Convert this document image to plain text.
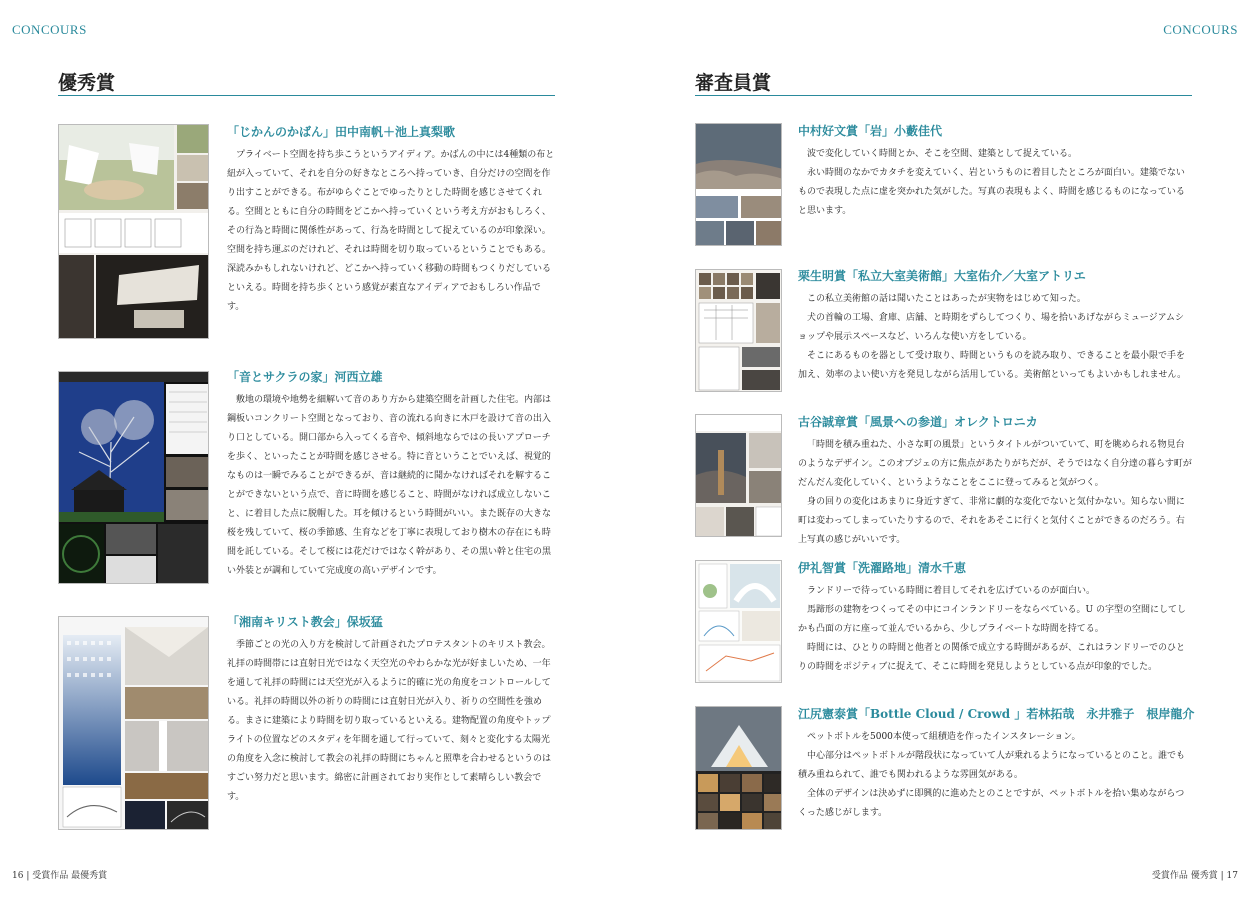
CONCOURS	CONCOURS
優秀賞	審査員賞
「じかんのかばん」田中南帆＋池上真梨歌

プライベート空間を持ち歩こうというアイディア。かばんの中には4種類の布と紐が入っていて、それを自分の好きなところへ持っていき、自分だけの空間を作り出すことができる。布がゆらぐことでゆったりとした時間を感じさせてくれる。空間とともに自分の時間をどこかへ持っていくという考え方がおもしろく、その行為と時間に関係性があって、行為を時間として捉えているのが印象深い。空間を持ち運ぶのだけれど、それは時間を切り取っているということでもある。深読みかもしれないけれど、どこかへ持っていく移動の時間もつくりだしているといえる。時間を持ち歩くという感覚が素直なアイディアでおもしろい作品です。

「音とサクラの家」河西立雄

敷地の環境や地勢を細解いて音のあり方から建築空間を計画した住宅。内部は鋼板いコンクリート空間となっており、音の流れる向きに木戸を設けて音の出入り口としている。開口部から入ってくる音や、傾斜地ならではの長いアプローチを歩く、といったことが時間を感じさせる。特に音ということでいえば、視覚的なものは一瞬でみることができるが、音は継続的に聞かなければそれを解することができないという点で、音に時間を感じること、時間がなければ成立しないこと、に着目した点に脱帽した。耳を傾けるという時間がいい。また既存の大きな桜を残していて、桜の季節感、生育などを丁寧に表現しており樹木の存在にも時間を託している。そして桜には花だけではなく幹があり、その黒い幹と住宅の黒い外装とが調和していて完成度の高いデザインです。

「湘南キリスト教会」保坂猛

季節ごとの光の入り方を検討して計画されたプロテスタントのキリスト教会。礼拝の時間帯には直射日光ではなく天空光のやわらかな光が好ましいため、一年を通して礼拝の時間には天空光が入るように的確に光の角度をコントロールしている。礼拝の時間以外の祈りの時間には直射日光が入り、祈りの空間性を強める。まさに建築により時間を切り取っているといえる。建物配置の角度やトップライトの位置などのスタディを年間を通して行っていて、刻々と変化する太陽光の角度を入念に検討して教会の礼拝の時間にちゃんと照準を合わせるというのはすごい努力だと思います。綿密に計画されており実作として素晴らしい教会です。

中村好文賞「岩」小藪佳代

波で変化していく時間とか、そこを空間、建築として捉えている。

永い時間のなかでカタチを変えていく、岩というものに着目したところが面白い。建築でないもので表現した点に虚を突かれた気がした。写真の表現もよく、時間を感じるものになっていると思います。

栗生明賞「私立大室美術館」大室佑介／大室アトリエ

この私立美術館の話は聞いたことはあったが実物をはじめて知った。

犬の首輪の工場、倉庫、店舗、と時期をずらしてつくり、場を拾いあげながらミュージアムショップや展示スペースなど、いろんな使い方をしている。

そこにあるものを器として受け取り、時間というものを読み取り、できることを最小限で手を加え、効率のよい使い方を発見しながら活用している。美術館といってもよいかもしれません。

古谷誠章賞「風景への参道」オレクトロニカ

「時間を積み重ねた、小さな町の風景」というタイトルがついていて、町を眺められる物見台のようなデザイン。このオブジェの方に焦点があたりがちだが、そうではなく自分達の暮らす町がだんだん変化していく、というようなことをここに登ってみると気がつく。

身の回りの変化はあまりに身近すぎて、非常に劇的な変化でないと気付かない。知らない間に町は変わってしまっていたりするので、それをあそこに行くと気付くことができるのだろう。右上写真の感じがいいです。

伊礼智賞「洗濯路地」清水千恵

ランドリーで待っている時間に着目してそれを広げているのが面白い。

馬蹄形の建物をつくってその中にコインランドリーをならべている。U の字型の空間にしてしかも凸面の方に座って並んでいるから、少しプライベートな時間を持てる。

時間には、ひとりの時間と他者との関係で成立する時間があるが、これはランドリーでのひとりの時間をポジティブに捉えて、そこに時間を発見しようとしている点が印象的でした。

江尻憲泰賞「Bottle Cloud / Crowd 」若林拓哉　永井雅子　根岸龍介

ペットボトルを5000本使って組積造を作ったインスタレーション。

中心部分はペットボトルが階段状になっていて人が乗れるようになっているとのこと。誰でも積み重ねられて、誰でも関われるような雰囲気がある。

全体のデザインは決めずに即興的に進めたとのことですが、ペットボトルを拾い集めながらつくった感じがします。

16 | 受賞作品 最優秀賞	受賞作品 優秀賞 | 17
